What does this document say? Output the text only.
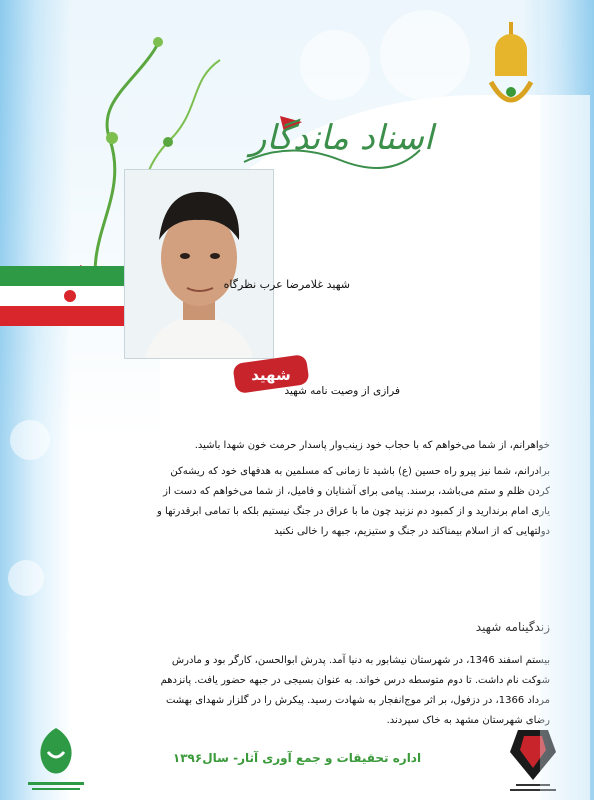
اسناد ماندگار
شهید
شهید غلامرضا عرب نظرگاه
فرازی از وصیت نامه شهید
خواهرانم، از شما می‌خواهم که با حجاب خود زینب‌وار پاسدار حرمت خون شهدا باشید.
برادرانم، شما نیز پیرو راه حسین (ع) باشید تا زمانی که مسلمین به هدفهای خود که ریشه‌کن کردن ظلم و ستم می‌باشد، برسند. پیامی برای آشنایان و فامیل، از شما می‌خواهم که دست از یاری امام برندارید و از کمبود دم نزنید چون ما با عراق در جنگ نیستیم بلکه با تمامی ابرقدرتها و دولتهایی که از اسلام بیمناکند در جنگ و ستیزیم، جبهه را خالی نکنید
زندگینامه شهید
بیستم اسفند 1346، در شهرستان نیشابور به دنیا آمد. پدرش ابوالحسن، کارگر بود و مادرش شوکت نام داشت. تا دوم متوسطه درس خواند. به عنوان بسیجی در جبهه حضور یافت. پانزدهم مرداد 1366، در دزفول، بر اثر موج‌انفجار به شهادت رسید. پیکرش را در گلزار شهدای بهشت رضای شهرستان مشهد به خاک سپردند.
اداره تحقیقات و جمع آوری آثار- سال۱۳۹۶
